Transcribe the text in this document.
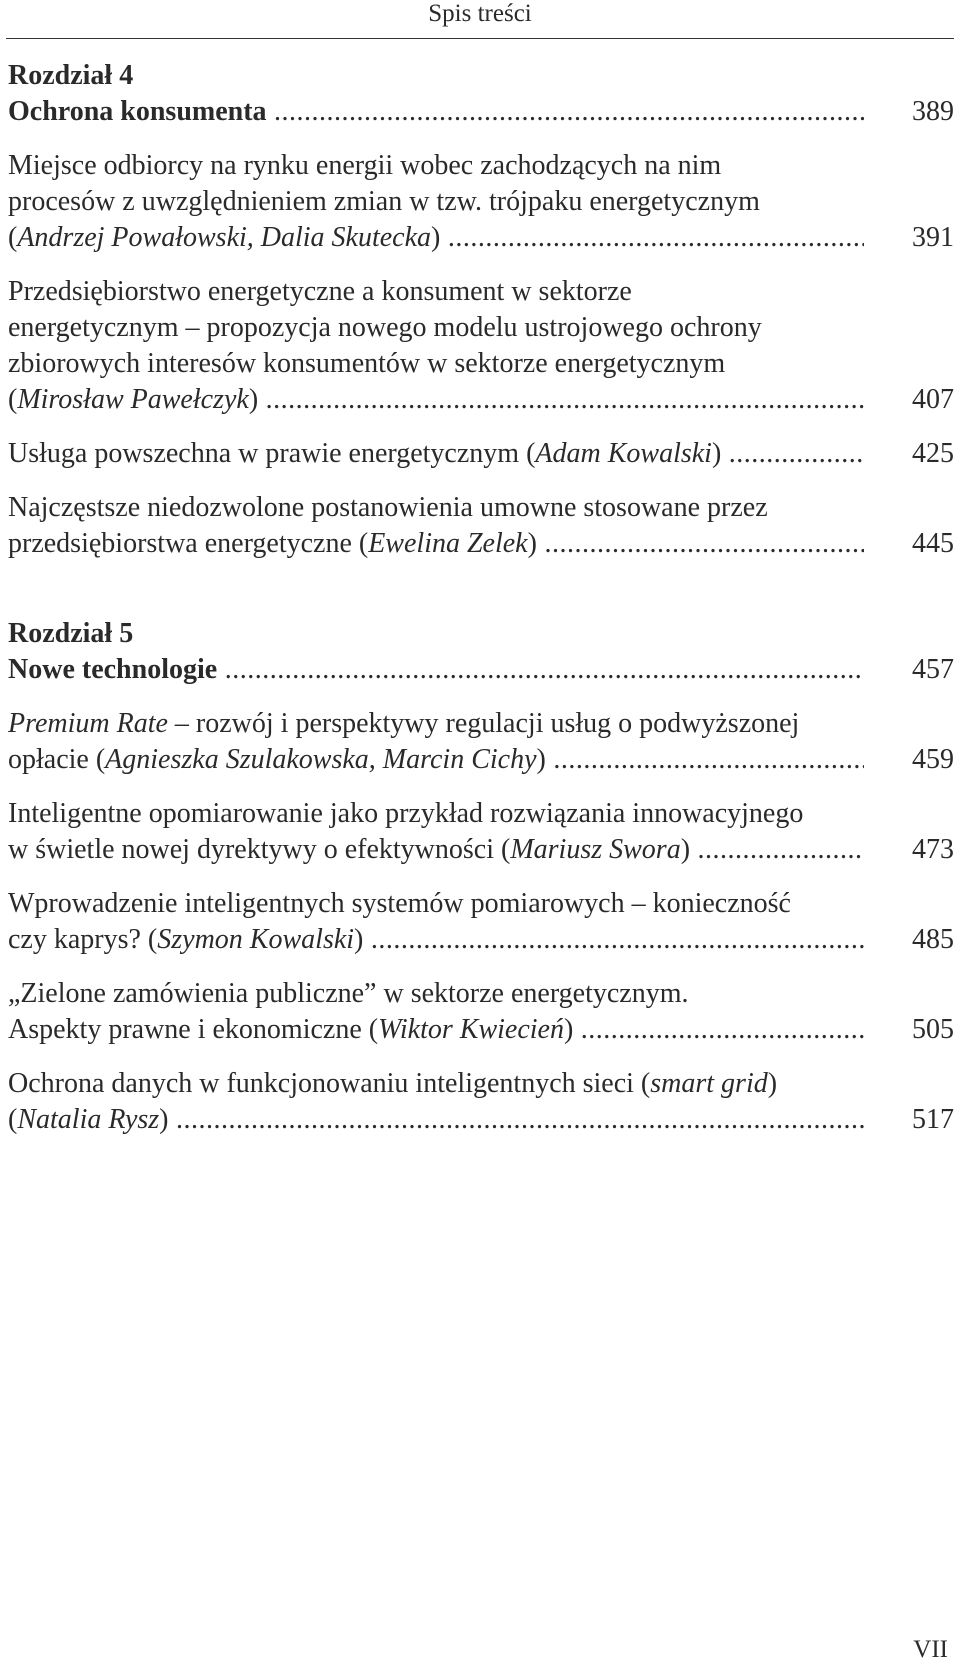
Spis treści
Rozdział 4
Ochrona konsumenta .....	389
Miejsce odbiorcy na rynku energii wobec zachodzących na nim
procesów z uwzględnieniem zmian w tzw. trójpaku energetycznym
(Andrzej Powałowski, Dalia Skutecka) .....	391
Przedsiębiorstwo energetyczne a konsument w sektorze
energetycznym – propozycja nowego modelu ustrojowego ochrony
zbiorowych interesów konsumentów w sektorze energetycznym
(Mirosław Pawełczyk) .....	407
Usługa powszechna w prawie energetycznym (Adam Kowalski) .....	425
Najczęstsze niedozwolone postanowienia umowne stosowane przez
przedsiębiorstwa energetyczne (Ewelina Zelek) .....	445
Rozdział 5
Nowe technologie .....	457
Premium Rate – rozwój i perspektywy regulacji usług o podwyższonej
opłacie (Agnieszka Szulakowska, Marcin Cichy) .....	459
Inteligentne opomiarowanie jako przykład rozwiązania innowacyjnego
w świetle nowej dyrektywy o efektywności (Mariusz Swora) .....	473
Wprowadzenie inteligentnych systemów pomiarowych – konieczność
czy kaprys? (Szymon Kowalski) .....	485
„Zielone zamówienia publiczne” w sektorze energetycznym.
Aspekty prawne i ekonomiczne (Wiktor Kwiecień) .....	505
Ochrona danych w funkcjonowaniu inteligentnych sieci (smart grid)
(Natalia Rysz) .....	517
VII
